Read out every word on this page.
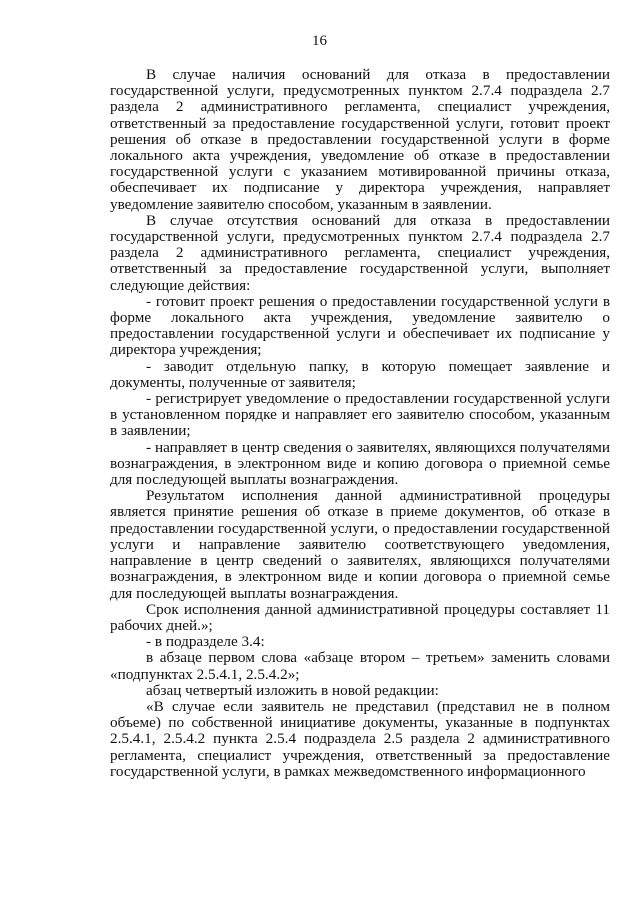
16

В случае наличия оснований для отказа в предоставлении государственной услуги, предусмотренных пунктом 2.7.4 подраздела 2.7 раздела 2 административного регламента, специалист учреждения, ответственный за предоставление государственной услуги, готовит проект решения об отказе в предоставлении государственной услуги в форме локального акта учреждения, уведомление об отказе в предоставлении государственной услуги с указанием мотивированной причины отказа, обеспечивает их подписание у директора учреждения, направляет уведомление заявителю способом, указанным в заявлении.

В случае отсутствия оснований для отказа в предоставлении государственной услуги, предусмотренных пунктом 2.7.4 подраздела 2.7 раздела 2 административного регламента, специалист учреждения, ответственный за предоставление государственной услуги, выполняет следующие действия:

- готовит проект решения о предоставлении государственной услуги в форме локального акта учреждения, уведомление заявителю о предоставлении государственной услуги и обеспечивает их подписание у директора учреждения;

- заводит отдельную папку, в которую помещает заявление и документы, полученные от заявителя;

- регистрирует уведомление о предоставлении государственной услуги в установленном порядке и направляет его заявителю способом, указанным в заявлении;

- направляет в центр сведения о заявителях, являющихся получателями вознаграждения, в электронном виде и копию договора о приемной семье для последующей выплаты вознаграждения.

Результатом исполнения данной административной процедуры является принятие решения об отказе в приеме документов, об отказе в предоставлении государственной услуги, о предоставлении государственной услуги и направление заявителю соответствующего уведомления, направление в центр сведений о заявителях, являющихся получателями вознаграждения, в электронном виде и копии договора о приемной семье для последующей выплаты вознаграждения.

Срок исполнения данной административной процедуры составляет 11 рабочих дней.»;

- в подразделе 3.4:

в абзаце первом слова «абзаце втором – третьем» заменить словами «подпунктах 2.5.4.1, 2.5.4.2»;

абзац четвертый изложить в новой редакции:

«В случае если заявитель не представил (представил не в полном объеме) по собственной инициативе документы, указанные в подпунктах 2.5.4.1, 2.5.4.2 пункта 2.5.4 подраздела 2.5 раздела 2 административного регламента, специалист учреждения, ответственный за предоставление государственной услуги, в рамках межведомственного информационного
